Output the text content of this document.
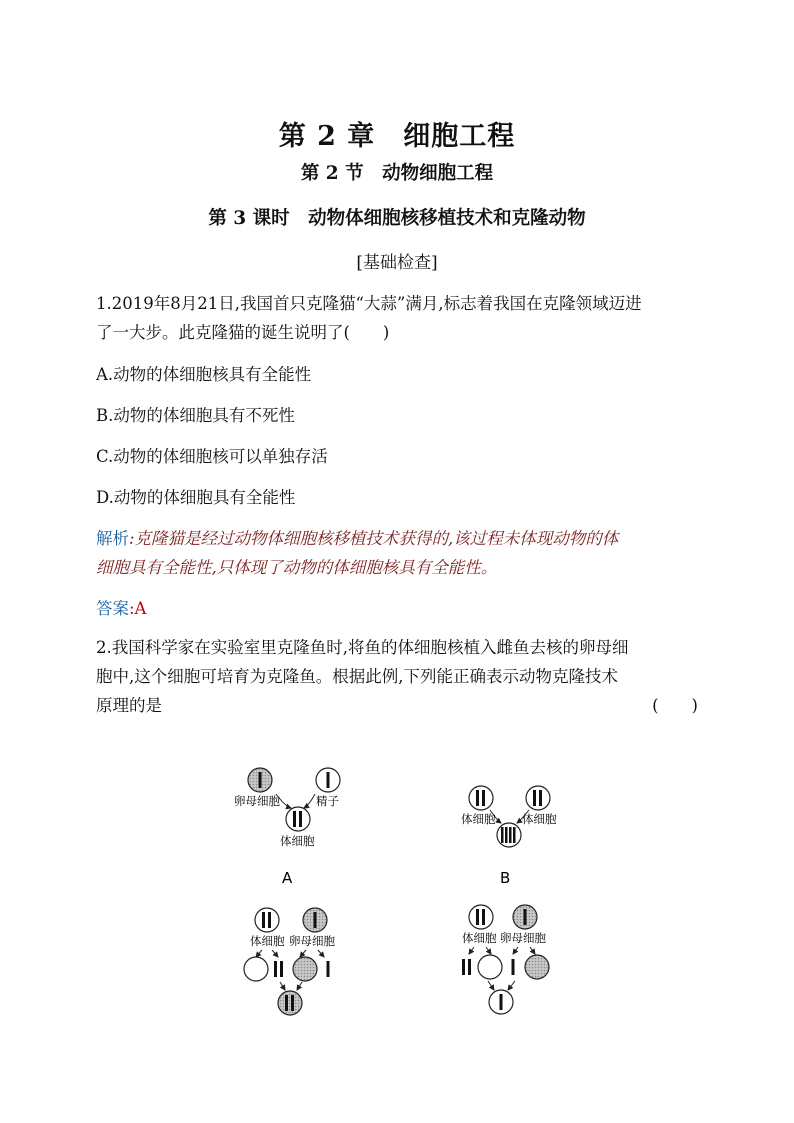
第 2 章　细胞工程
第 2 节　动物细胞工程
第 3 课时　动物体细胞核移植技术和克隆动物
[基础检查]
1.2019年8月21日,我国首只克隆猫“大蒜”满月,标志着我国在克隆领域迈进
了一大步。此克隆猫的诞生说明了(　　)
A.动物的体细胞核具有全能性
B.动物的体细胞具有不死性
C.动物的体细胞核可以单独存活
D.动物的体细胞具有全能性
解析:克隆猫是经过动物体细胞核移植技术获得的,该过程未体现动物的体
细胞具有全能性,只体现了动物的体细胞核具有全能性。
答案:A
2.我国科学家在实验室里克隆鱼时,将鱼的体细胞核植入雌鱼去核的卵母细
胞中,这个细胞可培育为克隆鱼。根据此例,下列能正确表示动物克隆技术
原理的是	(　　)
卵母细胞	精子
体细胞
A
体细胞 体细胞
B
体细胞 卵母细胞	体细胞 卵母细胞
